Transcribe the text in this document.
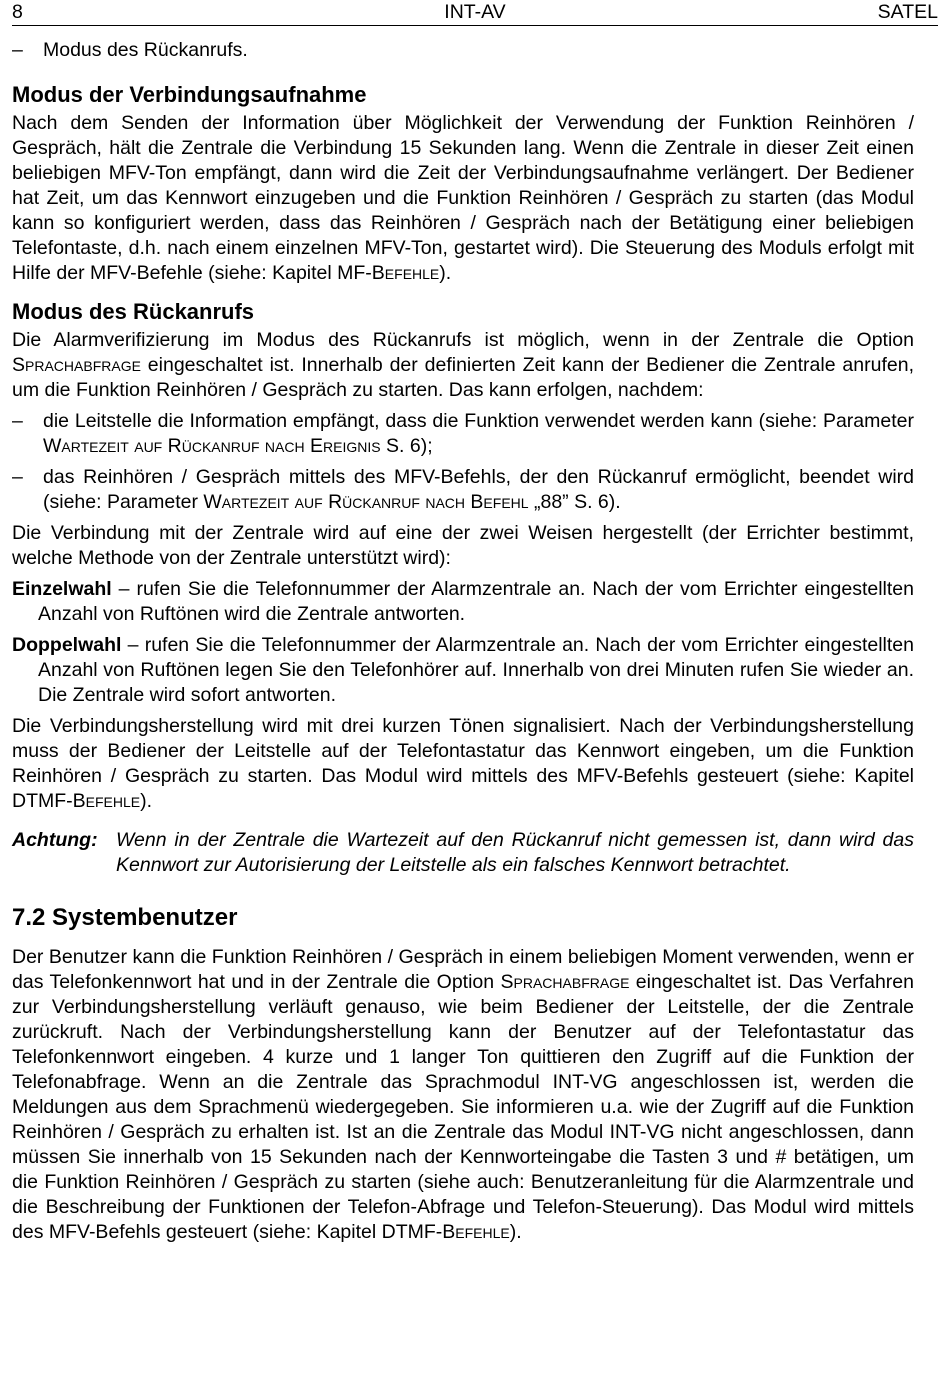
8	INT-AV	SATEL
–	Modus des Rückanrufs.
Modus der Verbindungsaufnahme

Nach dem Senden der Information über Möglichkeit der Verwendung der Funktion Reinhören / Gespräch, hält die Zentrale die Verbindung 15 Sekunden lang. Wenn die Zentrale in dieser Zeit einen beliebigen MFV-Ton empfängt, dann wird die Zeit der Verbindungsaufnahme verlängert. Der Bediener hat Zeit, um das Kennwort einzugeben und die Funktion Reinhören / Gespräch zu starten (das Modul kann so konfiguriert werden, dass das Reinhören / Gespräch nach der Betätigung einer beliebigen Telefontaste, d.h. nach einem einzelnen MFV-Ton, gestartet wird). Die Steuerung des Moduls erfolgt mit Hilfe der MFV-Befehle (siehe: Kapitel MF-Befehle).

Modus des Rückanrufs

Die Alarmverifizierung im Modus des Rückanrufs ist möglich, wenn in der Zentrale die Option Sprachabfrage eingeschaltet ist. Innerhalb der definierten Zeit kann der Bediener die Zentrale anrufen, um die Funktion Reinhören / Gespräch zu starten. Das kann erfolgen, nachdem:

–	die Leitstelle die Information empfängt, dass die Funktion verwendet werden kann (siehe: Parameter Wartezeit auf Rückanruf nach Ereignis S. 6);
–	das Reinhören / Gespräch mittels des MFV-Befehls, der den Rückanruf ermöglicht, beendet wird (siehe: Parameter Wartezeit auf Rückanruf nach Befehl „88” S. 6).

Die Verbindung mit der Zentrale wird auf eine der zwei Weisen hergestellt (der Errichter bestimmt, welche Methode von der Zentrale unterstützt wird):

Einzelwahl – rufen Sie die Telefonnummer der Alarmzentrale an. Nach der vom Errichter eingestellten Anzahl von Ruftönen wird die Zentrale antworten.

Doppelwahl – rufen Sie die Telefonnummer der Alarmzentrale an. Nach der vom Errichter eingestellten Anzahl von Ruftönen legen Sie den Telefonhörer auf. Innerhalb von drei Minuten rufen Sie wieder an. Die Zentrale wird sofort antworten.

Die Verbindungsherstellung wird mit drei kurzen Tönen signalisiert. Nach der Verbindungsherstellung muss der Bediener der Leitstelle auf der Telefontastatur das Kennwort eingeben, um die Funktion Reinhören / Gespräch zu starten. Das Modul wird mittels des MFV-Befehls gesteuert (siehe: Kapitel DTMF-Befehle).

Achtung: Wenn in der Zentrale die Wartezeit auf den Rückanruf nicht gemessen ist, dann wird das Kennwort zur Autorisierung der Leitstelle als ein falsches Kennwort betrachtet.
7.2 Systembenutzer

Der Benutzer kann die Funktion Reinhören / Gespräch in einem beliebigen Moment verwenden, wenn er das Telefonkennwort hat und in der Zentrale die Option Sprachabfrage eingeschaltet ist. Das Verfahren zur Verbindungsherstellung verläuft genauso, wie beim Bediener der Leitstelle, der die Zentrale zurückruft. Nach der Verbindungsherstellung kann der Benutzer auf der Telefontastatur das Telefonkennwort eingeben. 4 kurze und 1 langer Ton quittieren den Zugriff auf die Funktion der Telefonabfrage. Wenn an die Zentrale das Sprachmodul INT-VG angeschlossen ist, werden die Meldungen aus dem Sprachmenü wiedergegeben. Sie informieren u.a. wie der Zugriff auf die Funktion Reinhören / Gespräch zu erhalten ist. Ist an die Zentrale das Modul INT-VG nicht angeschlossen, dann müssen Sie innerhalb von 15 Sekunden nach der Kennworteingabe die Tasten 3 und # betätigen, um die Funktion Reinhören / Gespräch zu starten (siehe auch: Benutzeranleitung für die Alarmzentrale und die Beschreibung der Funktionen der Telefon-Abfrage und Telefon-Steuerung). Das Modul wird mittels des MFV-Befehls gesteuert (siehe: Kapitel DTMF-Befehle).
